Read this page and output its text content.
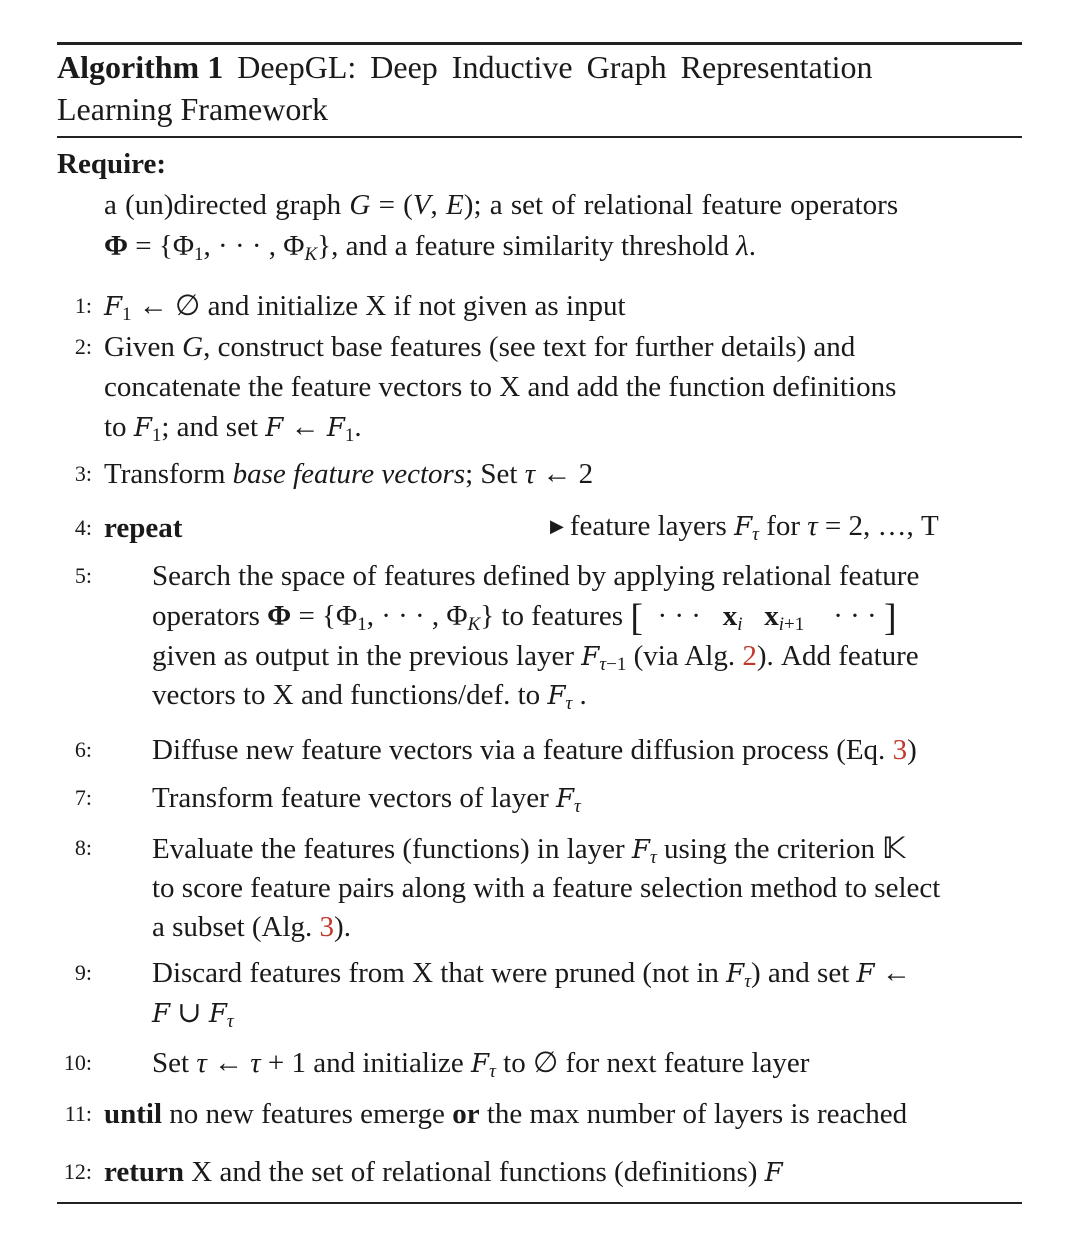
Algorithm 1 DeepGL: Deep Inductive Graph Representation
Learning Framework
Require:
a (un)directed graph G = (V, E); a set of relational feature operators
$\Phi = \{\Phi_1$, · · · , $\Phi_K$}, and a feature similarity threshold λ.
1:
2:
3:
4:
5:
6:
7:
8:
9:
10:
11:
12:
$F_1$ ← ∅ and initialize X if not given as input
Given G, construct base features (see text for further details) and
concatenate the feature vectors to X and add the function definitions
to $F_1$; and set F ← $F_1$.
Transform base feature vectors; Set τ ← 2
repeat	▶ feature layers $F_\tau$ for τ = 2, …, T
Search the space of features defined by applying relational feature
operators $\Phi = \{\Phi_1$, · · · , $\Phi_K$} to features [  · · ·   $x_i$ $x_{i+1}$    · · · ]
given as output in the previous layer $F_{\tau-1}$ (via Alg. 2). Add feature
vectors to X and functions/def. to $F_\tau$ .
Diffuse new feature vectors via a feature diffusion process (Eq. 3)
Transform feature vectors of layer $F_\tau$
Evaluate the features (functions) in layer $F_\tau$ using the criterion 𝕂
to score feature pairs along with a feature selection method to select
a subset (Alg. 3).
Discard features from X that were pruned (not in $F_\tau$) and set F ←
F ∪ $F_\tau$
Set τ ← τ + 1 and initialize $F_\tau$ to ∅ for next feature layer
until no new features emerge or the max number of layers is reached
return X and the set of relational functions (definitions) F
